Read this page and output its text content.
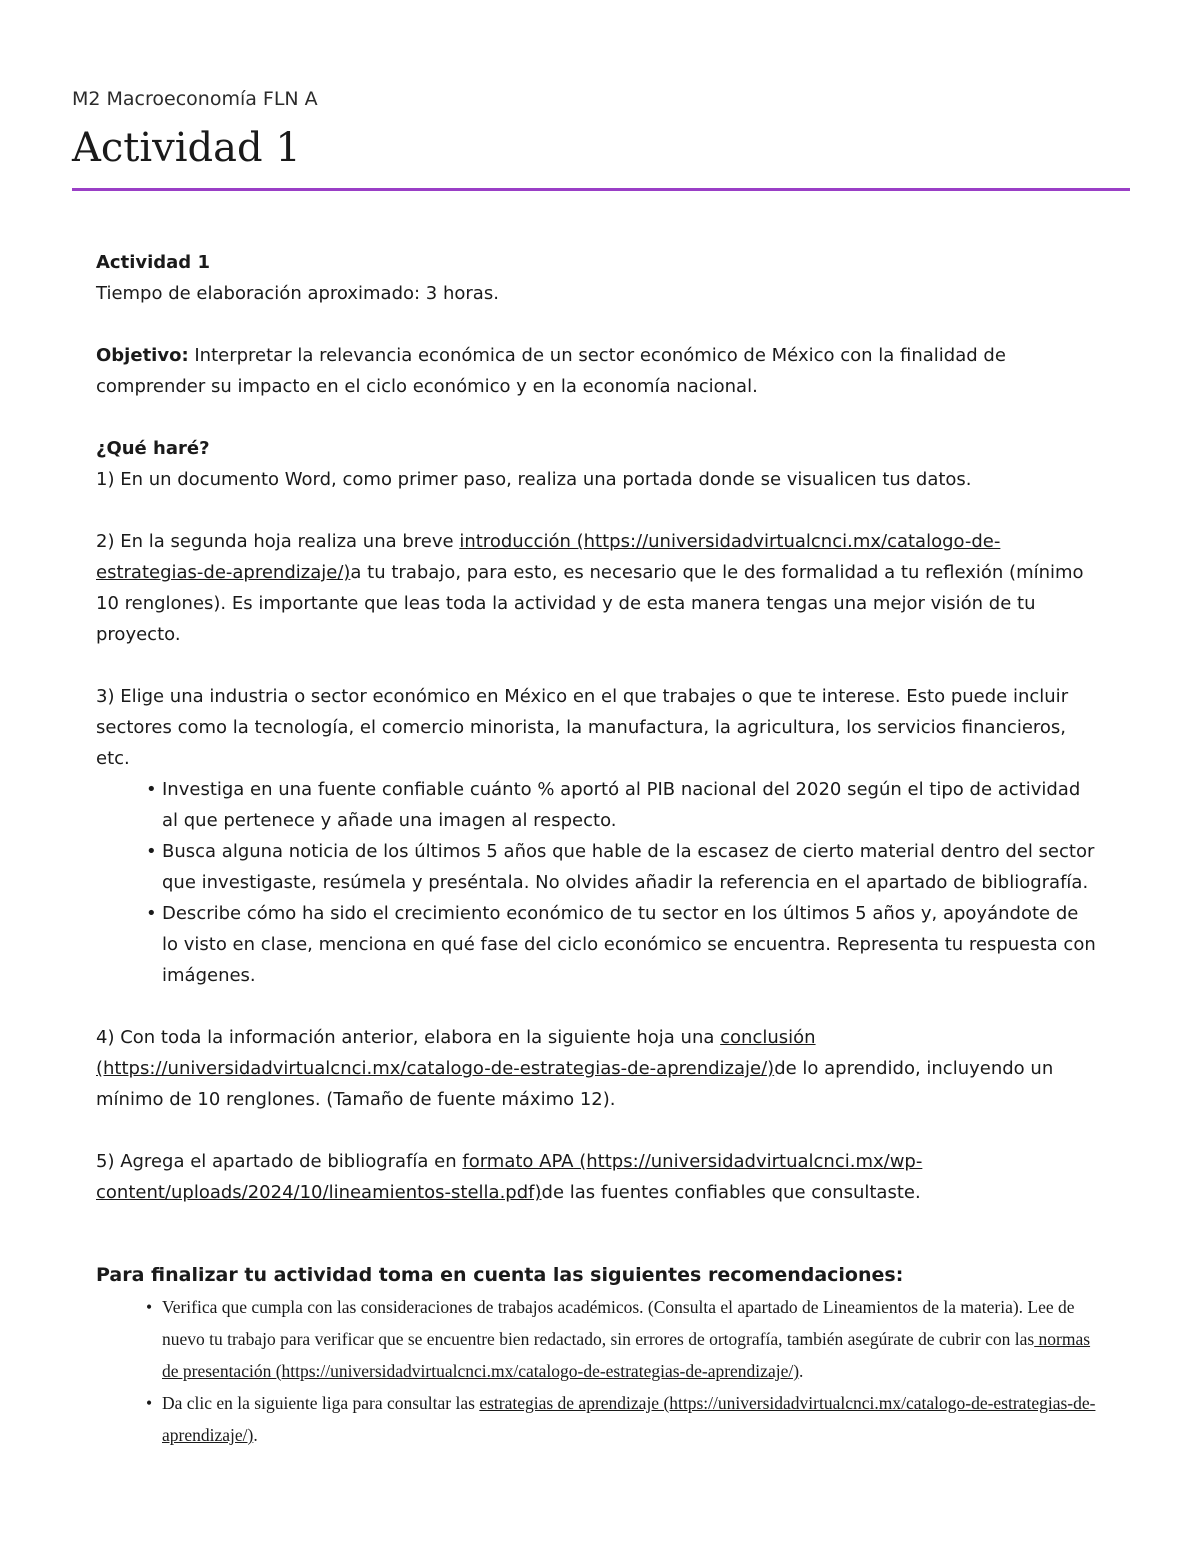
M2 Macroeconomía FLN A

Actividad 1

Actividad 1

Tiempo de elaboración aproximado: 3 horas.

Objetivo: Interpretar la relevancia económica de un sector económico de México con la finalidad de comprender su impacto en el ciclo económico y en la economía nacional.

¿Qué haré?

1) En un documento Word, como primer paso, realiza una portada donde se visualicen tus datos.

2) En la segunda hoja realiza una breve introducción (https://universidadvirtualcnci.mx/catalogo-de-estrategias-de-aprendizaje/)a tu trabajo, para esto, es necesario que le des formalidad a tu reflexión (mínimo 10 renglones). Es importante que leas toda la actividad y de esta manera tengas una mejor visión de tu proyecto.

3) Elige una industria o sector económico en México en el que trabajes o que te interese. Esto puede incluir sectores como la tecnología, el comercio minorista, la manufactura, la agricultura, los servicios financieros, etc.

• Investiga en una fuente confiable cuánto % aportó al PIB nacional del 2020 según el tipo de actividad al que pertenece y añade una imagen al respecto.
• Busca alguna noticia de los últimos 5 años que hable de la escasez de cierto material dentro del sector que investigaste, resúmela y preséntala. No olvides añadir la referencia en el apartado de bibliografía.
• Describe cómo ha sido el crecimiento económico de tu sector en los últimos 5 años y, apoyándote de lo visto en clase, menciona en qué fase del ciclo económico se encuentra. Representa tu respuesta con imágenes.

4) Con toda la información anterior, elabora en la siguiente hoja una conclusión (https://universidadvirtualcnci.mx/catalogo-de-estrategias-de-aprendizaje/)de lo aprendido, incluyendo un mínimo de 10 renglones. (Tamaño de fuente máximo 12).

5) Agrega el apartado de bibliografía en formato APA (https://universidadvirtualcnci.mx/wp-content/uploads/2024/10/lineamientos-stella.pdf)de las fuentes confiables que consultaste.

Para finalizar tu actividad toma en cuenta las siguientes recomendaciones:

• Verifica que cumpla con las consideraciones de trabajos académicos. (Consulta el apartado de Lineamientos de la materia). Lee de nuevo tu trabajo para verificar que se encuentre bien redactado, sin errores de ortografía, también asegúrate de cubrir con las normas de presentación (https://universidadvirtualcnci.mx/catalogo-de-estrategias-de-aprendizaje/).
• Da clic en la siguiente liga para consultar las estrategias de aprendizaje (https://universidadvirtualcnci.mx/catalogo-de-estrategias-de-aprendizaje/).
